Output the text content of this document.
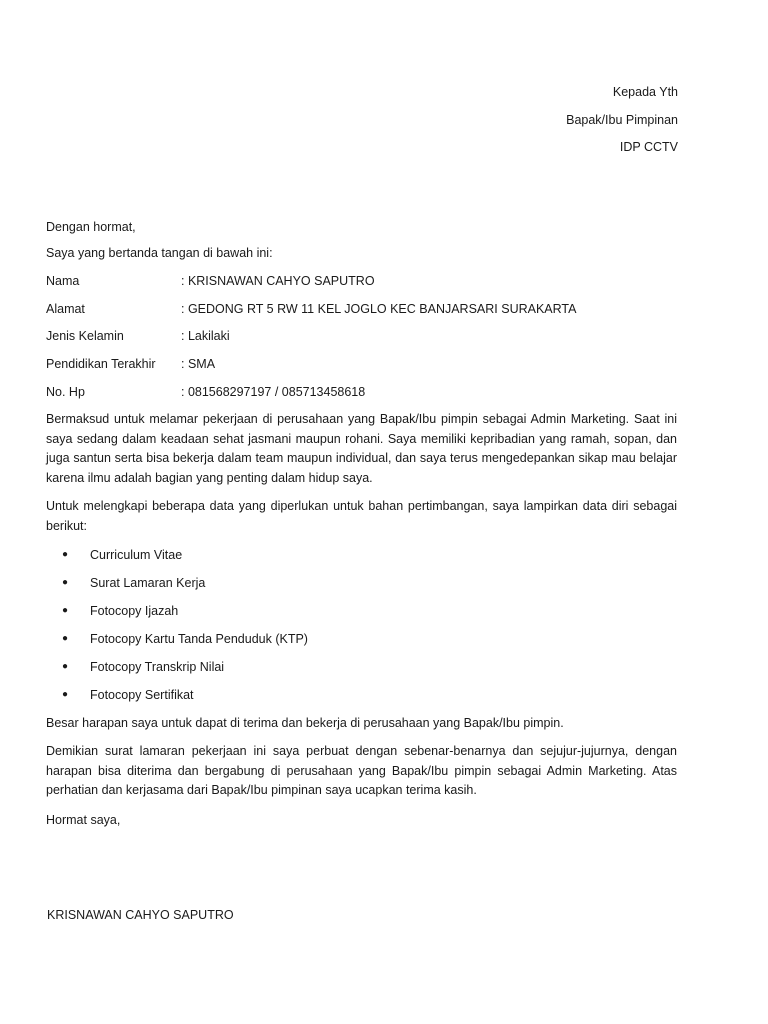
Kepada Yth
Bapak/Ibu Pimpinan
IDP CCTV
Dengan hormat,
Saya yang bertanda tangan di bawah ini:
Nama	: KRISNAWAN CAHYO SAPUTRO
Alamat	: GEDONG RT 5 RW 11 KEL JOGLO KEC BANJARSARI SURAKARTA
Jenis Kelamin	: Lakilaki
Pendidikan Terakhir	: SMA
No. Hp	: 081568297197 / 085713458618
Bermaksud untuk melamar pekerjaan di perusahaan yang Bapak/Ibu pimpin sebagai Admin Marketing. Saat ini saya sedang dalam keadaan sehat jasmani maupun rohani. Saya memiliki kepribadian yang ramah, sopan, dan juga santun serta bisa bekerja dalam team maupun individual, dan saya terus mengedepankan sikap mau belajar karena ilmu adalah bagian yang penting dalam hidup saya.
Untuk melengkapi beberapa data yang diperlukan untuk bahan pertimbangan, saya lampirkan data diri sebagai berikut:
●	Curriculum Vitae
●	Surat Lamaran Kerja
●	Fotocopy Ijazah
●	Fotocopy Kartu Tanda Penduduk (KTP)
●	Fotocopy Transkrip Nilai
●	Fotocopy Sertifikat
Besar harapan saya untuk dapat di terima dan bekerja di perusahaan yang Bapak/Ibu pimpin.
Demikian surat lamaran pekerjaan ini saya perbuat dengan sebenar-benarnya dan sejujur-jujurnya, dengan harapan bisa diterima dan bergabung di perusahaan yang Bapak/Ibu pimpin sebagai Admin Marketing. Atas perhatian dan kerjasama dari Bapak/Ibu pimpinan saya ucapkan terima kasih.
Hormat saya,
KRISNAWAN CAHYO SAPUTRO
